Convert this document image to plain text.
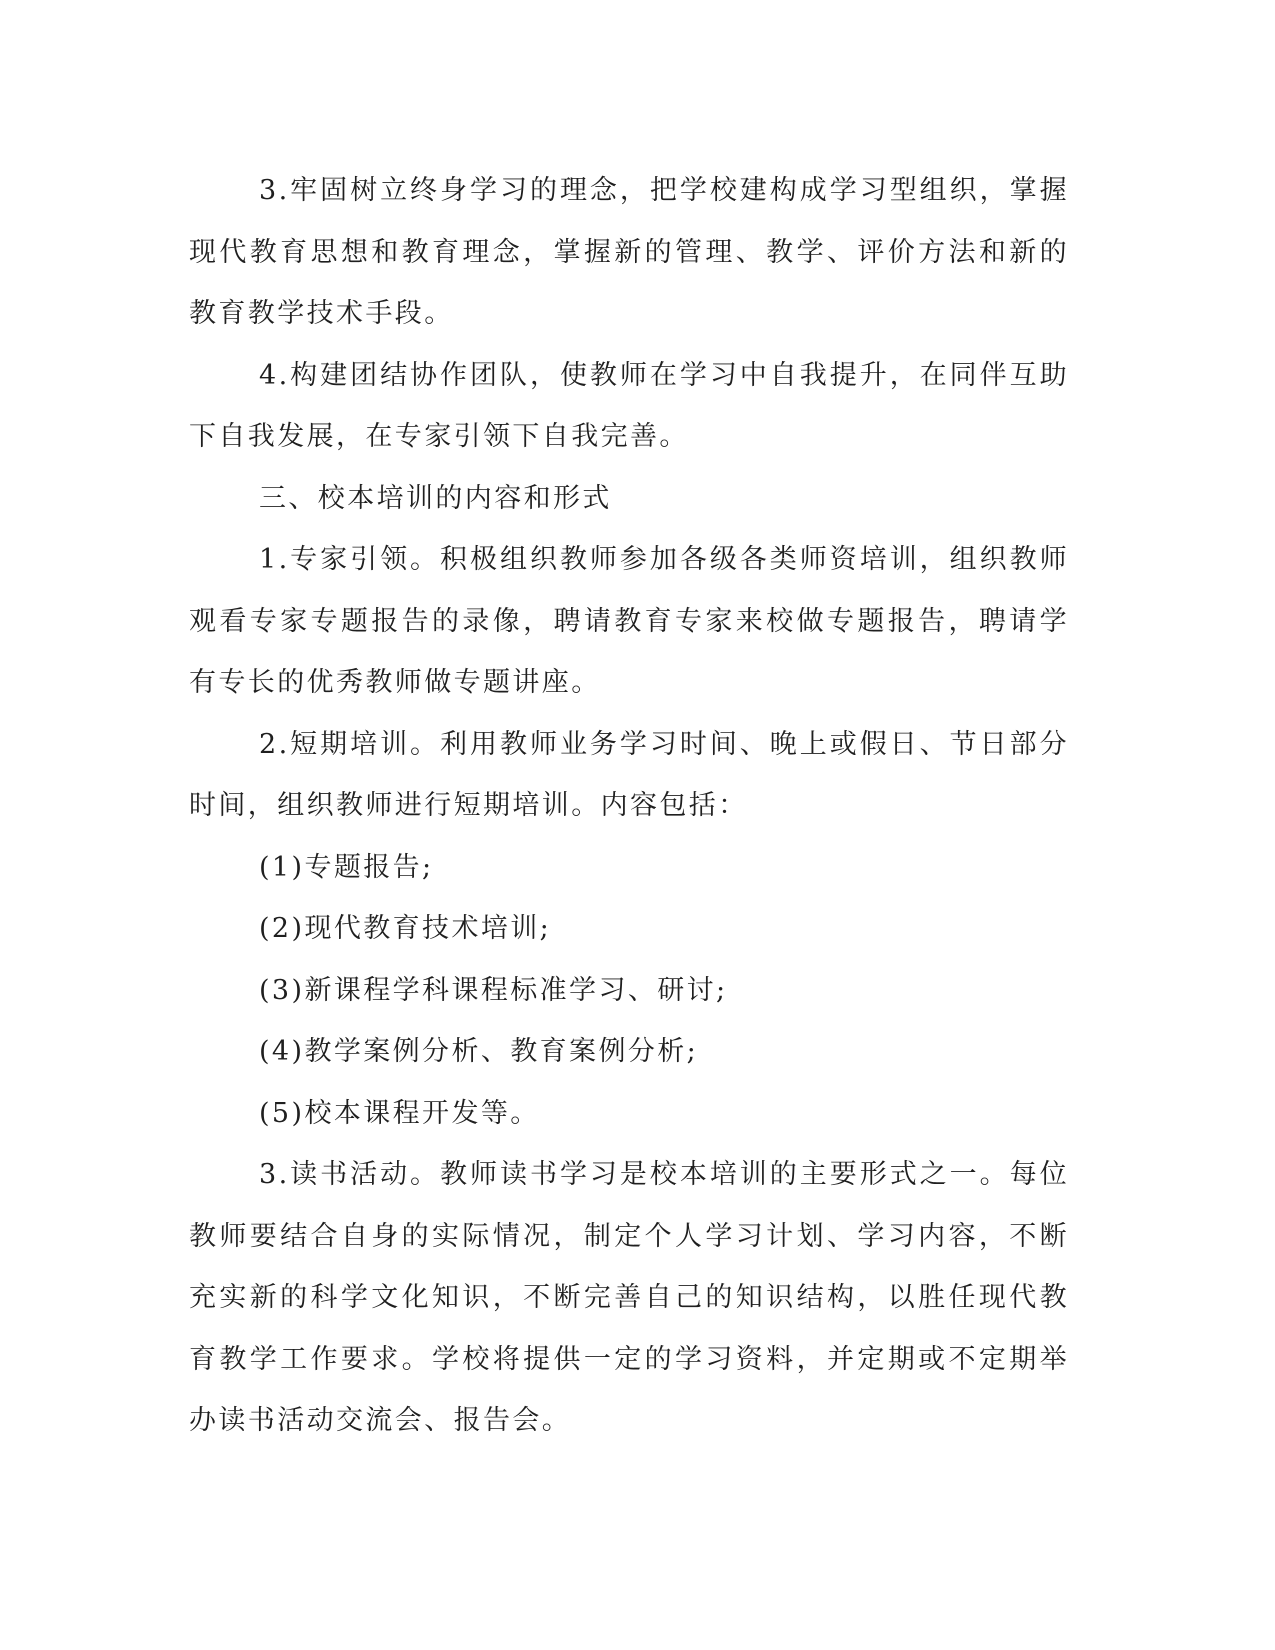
3.牢固树立终身学习的理念，把学校建构成学习型组织，掌握现代教育思想和教育理念，掌握新的管理、教学、评价方法和新的教育教学技术手段。

4.构建团结协作团队，使教师在学习中自我提升，在同伴互助下自我发展，在专家引领下自我完善。

三、校本培训的内容和形式

1.专家引领。积极组织教师参加各级各类师资培训，组织教师观看专家专题报告的录像，聘请教育专家来校做专题报告，聘请学有专长的优秀教师做专题讲座。

2.短期培训。利用教师业务学习时间、晚上或假日、节日部分时间，组织教师进行短期培训。内容包括：

(1)专题报告;

(2)现代教育技术培训;

(3)新课程学科课程标准学习、研讨;

(4)教学案例分析、教育案例分析;

(5)校本课程开发等。

3.读书活动。教师读书学习是校本培训的主要形式之一。每位教师要结合自身的实际情况，制定个人学习计划、学习内容，不断充实新的科学文化知识，不断完善自己的知识结构，以胜任现代教育教学工作要求。学校将提供一定的学习资料，并定期或不定期举办读书活动交流会、报告会。
